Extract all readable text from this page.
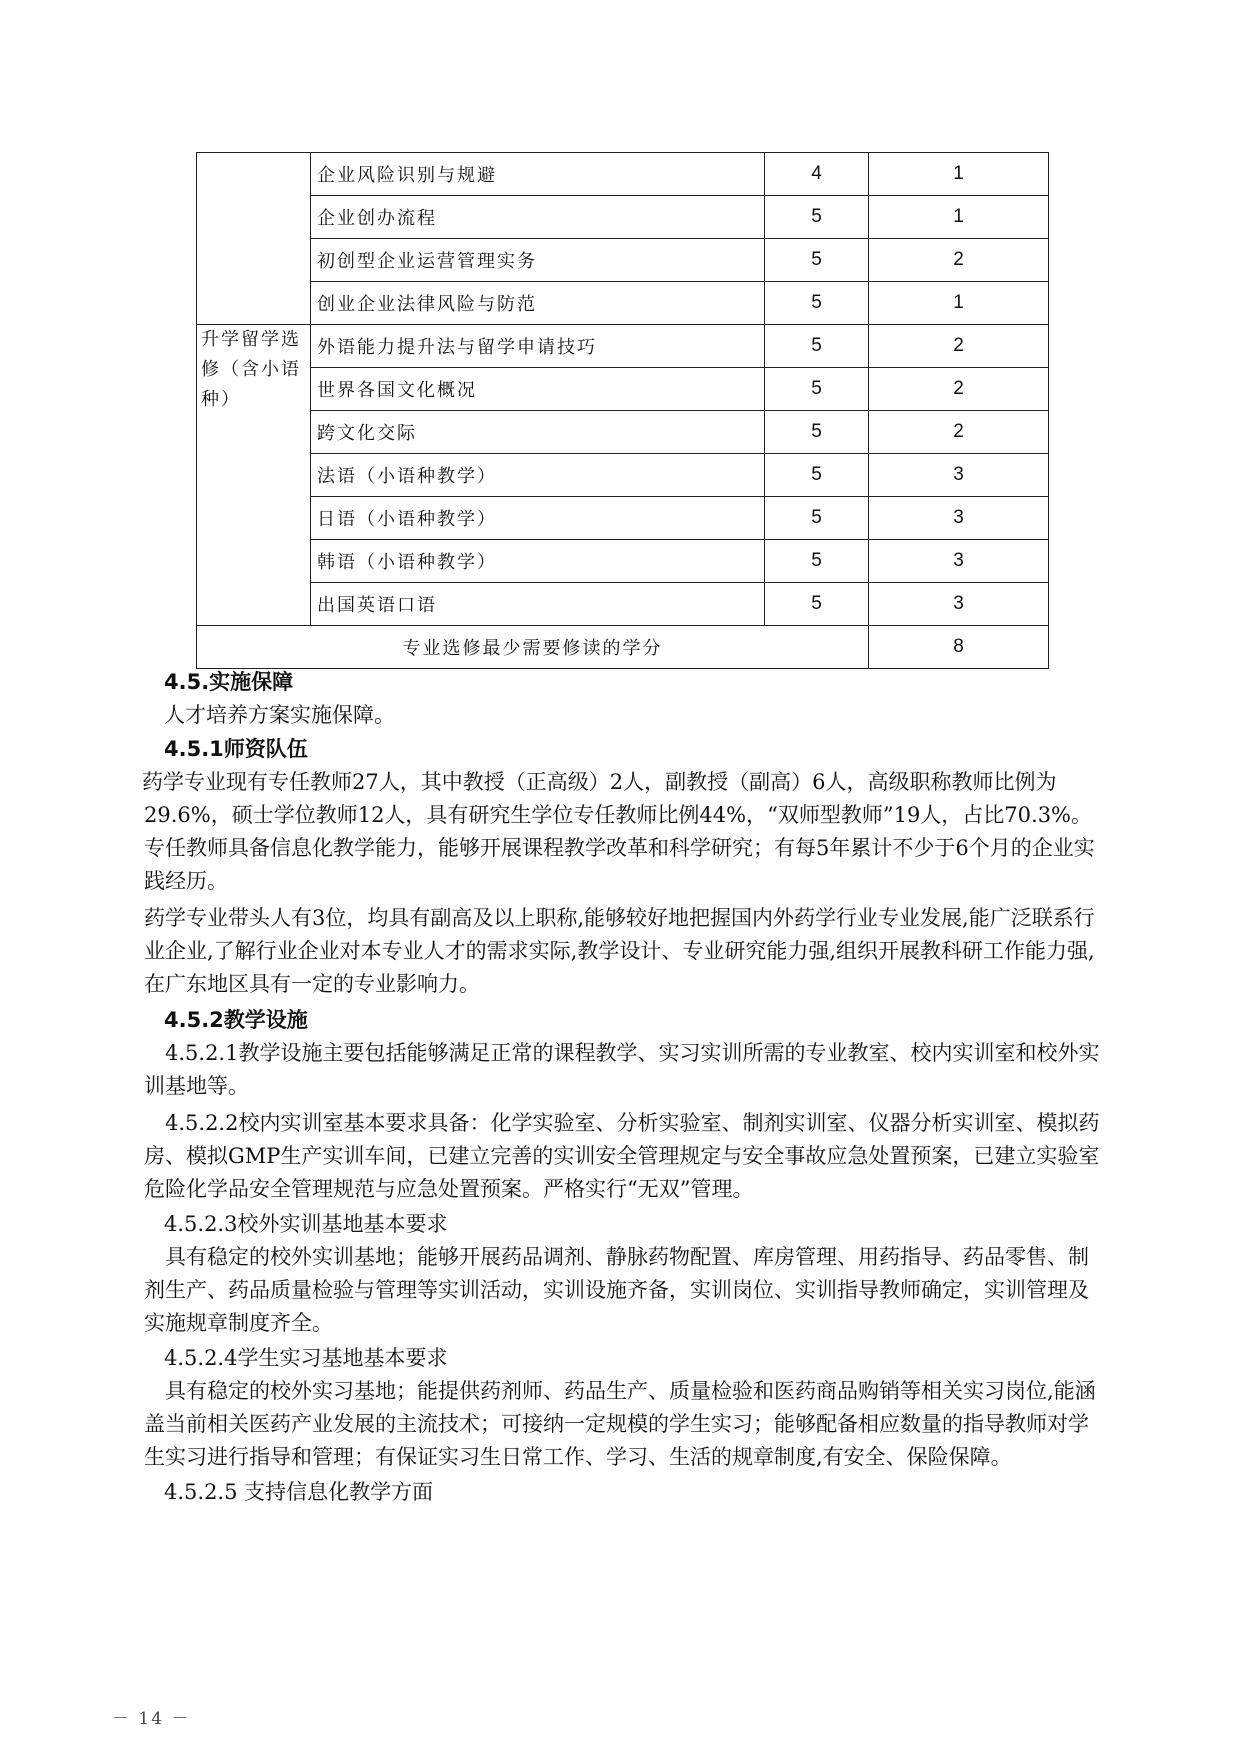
	企业风险识别与规避	4	1
	企业创办流程	5	1
	初创型企业运营管理实务	5	2
	创业企业法律风险与防范	5	1

升学留学选修（含小语种）	外语能力提升法与留学申请技巧	5	2
	世界各国文化概况	5	2
	跨文化交际	5	2
	法语（小语种教学）	5	3
	日语（小语种教学）	5	3
	韩语（小语种教学）	5	3
	出国英语口语	5	3
专业选修最少需要修读的学分			8
4.5.实施保障
人才培养方案实施保障。
4.5.1师资队伍
药学专业现有专任教师27人，其中教授（正高级）2人，副教授（副高）6人，高级职称教师比例为29.6%，硕士学位教师12人，具有研究生学位专任教师比例44%，“双师型教师”19人，占比70.3%。专任教师具备信息化教学能力，能够开展课程教学改革和科学研究；有每5年累计不少于6个月的企业实践经历。
药学专业带头人有3位，均具有副高及以上职称,能够较好地把握国内外药学行业专业发展,能广泛联系行业企业,了解行业企业对本专业人才的需求实际,教学设计、专业研究能力强,组织开展教科研工作能力强,在广东地区具有一定的专业影响力。
4.5.2教学设施
4.5.2.1教学设施主要包括能够满足正常的课程教学、实习实训所需的专业教室、校内实训室和校外实训基地等。
4.5.2.2校内实训室基本要求具备：化学实验室、分析实验室、制剂实训室、仪器分析实训室、模拟药房、模拟GMP生产实训车间，已建立完善的实训安全管理规定与安全事故应急处置预案，已建立实验室危险化学品安全管理规范与应急处置预案。严格实行“无双”管理。
4.5.2.3校外实训基地基本要求
具有稳定的校外实训基地；能够开展药品调剂、静脉药物配置、库房管理、用药指导、药品零售、制剂生产、药品质量检验与管理等实训活动，实训设施齐备，实训岗位、实训指导教师确定，实训管理及实施规章制度齐全。
4.5.2.4学生实习基地基本要求
具有稳定的校外实习基地；能提供药剂师、药品生产、质量检验和医药商品购销等相关实习岗位,能涵盖当前相关医药产业发展的主流技术；可接纳一定规模的学生实习；能够配备相应数量的指导教师对学生实习进行指导和管理；有保证实习生日常工作、学习、生活的规章制度,有安全、保险保障。
4.5.2.5 支持信息化教学方面
－ 14 －
